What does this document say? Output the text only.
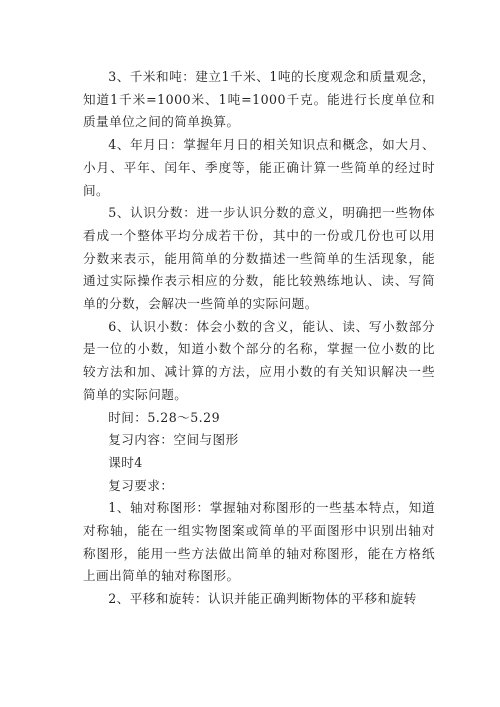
3、千米和吨：建立1千米、1吨的长度观念和质量观念，知道1千米=1000米、1吨=1000千克。能进行长度单位和质量单位之间的简单换算。

4、年月日：掌握年月日的相关知识点和概念，如大月、小月、平年、闰年、季度等，能正确计算一些简单的经过时间。

5、认识分数：进一步认识分数的意义，明确把一些物体看成一个整体平均分成若干份，其中的一份或几份也可以用分数来表示，能用简单的分数描述一些简单的生活现象，能通过实际操作表示相应的分数，能比较熟练地认、读、写简单的分数，会解决一些简单的实际问题。

6、认识小数：体会小数的含义，能认、读、写小数部分是一位的小数，知道小数个部分的名称，掌握一位小数的比较方法和加、减计算的方法，应用小数的有关知识解决一些简单的实际问题。

时间：5.28～5.29

复习内容：空间与图形

课时4

复习要求：

1、轴对称图形：掌握轴对称图形的一些基本特点，知道对称轴，能在一组实物图案或简单的平面图形中识别出轴对称图形，能用一些方法做出简单的轴对称图形，能在方格纸上画出简单的轴对称图形。

2、平移和旋转：认识并能正确判断物体的平移和旋转
